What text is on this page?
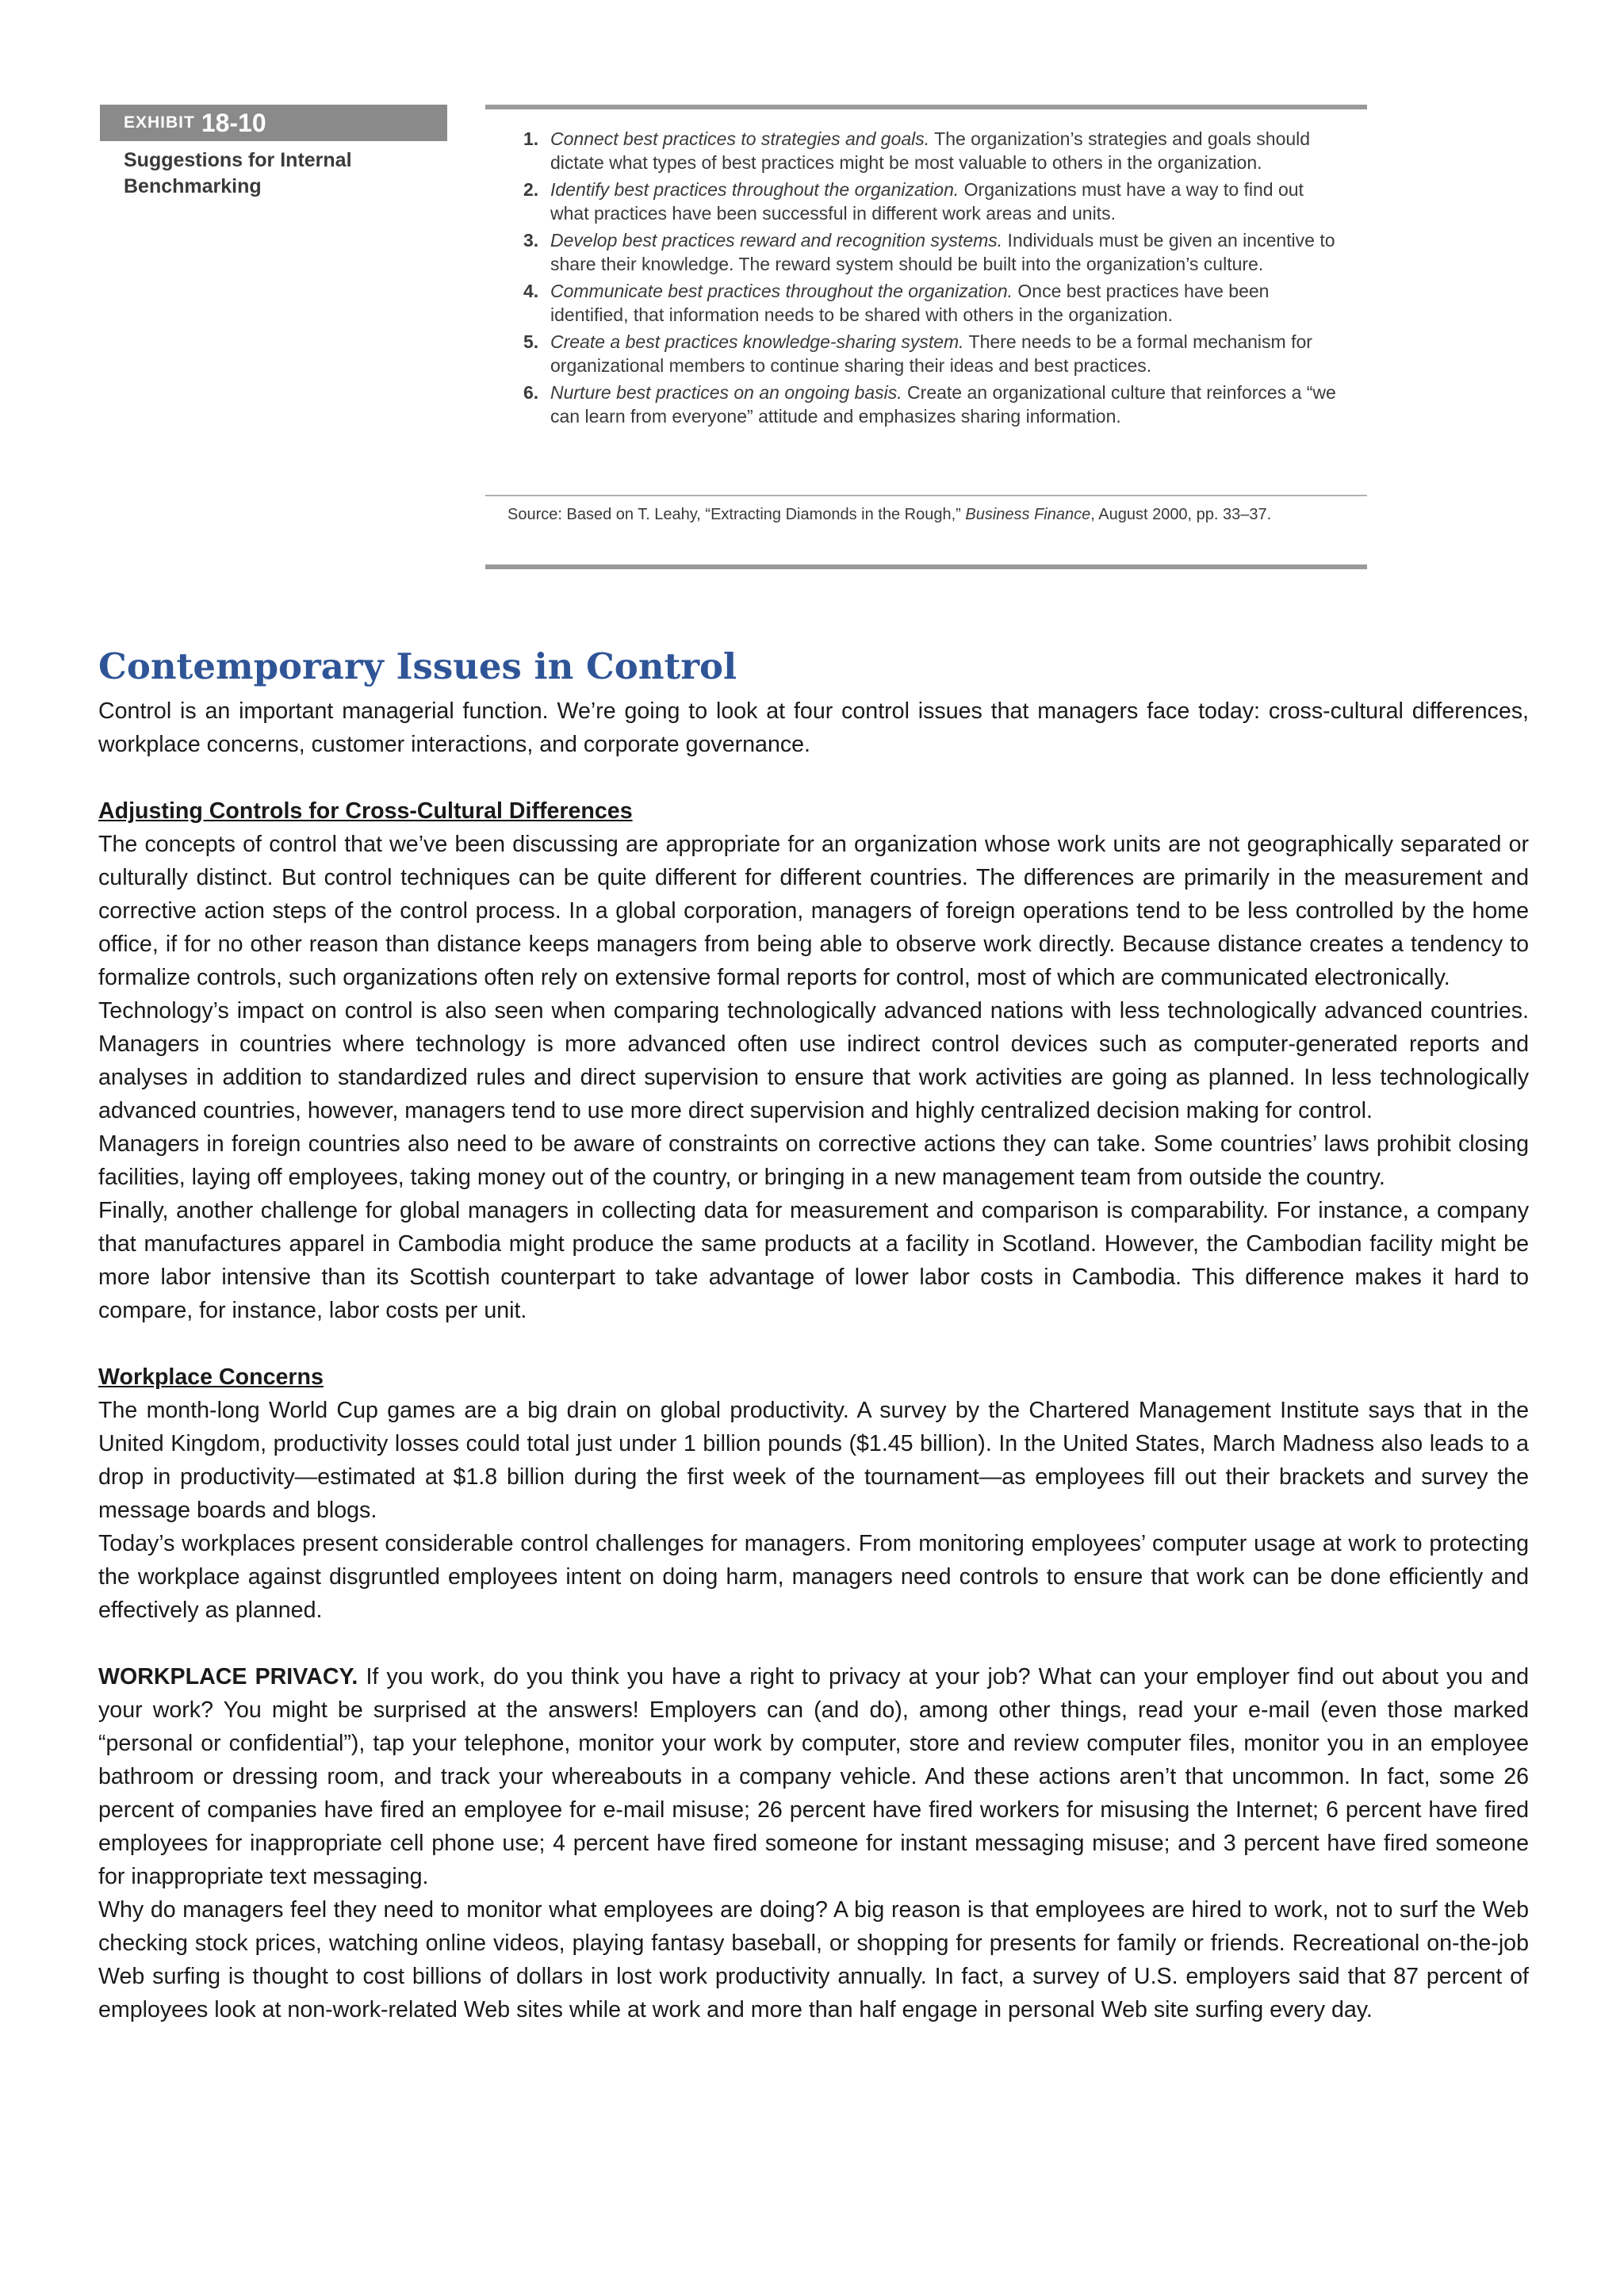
EXHIBIT 18-10
Suggestions for Internal
Benchmarking
1. Connect best practices to strategies and goals. The organization’s strategies and goals should dictate what types of best practices might be most valuable to others in the organization.
2. Identify best practices throughout the organization. Organizations must have a way to find out what practices have been successful in different work areas and units.
3. Develop best practices reward and recognition systems. Individuals must be given an incentive to share their knowledge. The reward system should be built into the organization’s culture.
4. Communicate best practices throughout the organization. Once best practices have been identified, that information needs to be shared with others in the organization.
5. Create a best practices knowledge-sharing system. There needs to be a formal mechanism for organizational members to continue sharing their ideas and best practices.
6. Nurture best practices on an ongoing basis. Create an organizational culture that reinforces a “we can learn from everyone” attitude and emphasizes sharing information.
Source: Based on T. Leahy, “Extracting Diamonds in the Rough,” Business Finance, August 2000, pp. 33–37.
Contemporary Issues in Control

Control is an important managerial function. We’re going to look at four control issues that managers face today: cross-cultural differences, workplace concerns, customer interactions, and corporate governance.

Adjusting Controls for Cross-Cultural Differences

The concepts of control that we’ve been discussing are appropriate for an organization whose work units are not geographically separated or culturally distinct. But control techniques can be quite different for different countries. The differences are primarily in the measurement and corrective action steps of the control process. In a global corporation, managers of foreign operations tend to be less controlled by the home office, if for no other reason than distance keeps managers from being able to observe work directly. Because distance creates a tendency to formalize controls, such organizations often rely on extensive formal reports for control, most of which are communicated electronically.

Technology’s impact on control is also seen when comparing technologically advanced nations with less technologically advanced countries. Managers in countries where technology is more advanced often use indirect control devices such as computer-generated reports and analyses in addition to standardized rules and direct supervision to ensure that work activities are going as planned. In less technologically advanced countries, however, managers tend to use more direct supervision and highly centralized decision making for control.

Managers in foreign countries also need to be aware of constraints on corrective actions they can take. Some countries’ laws prohibit closing facilities, laying off employees, taking money out of the country, or bringing in a new management team from outside the country.

Finally, another challenge for global managers in collecting data for measurement and comparison is comparability. For instance, a company that manufactures apparel in Cambodia might produce the same products at a facility in Scotland. However, the Cambodian facility might be more labor intensive than its Scottish counterpart to take advantage of lower labor costs in Cambodia. This difference makes it hard to compare, for instance, labor costs per unit.

Workplace Concerns

The month-long World Cup games are a big drain on global productivity. A survey by the Chartered Management Institute says that in the United Kingdom, productivity losses could total just under 1 billion pounds ($1.45 billion). In the United States, March Madness also leads to a drop in productivity—estimated at $1.8 billion during the first week of the tournament—as employees fill out their brackets and survey the message boards and blogs.

Today’s workplaces present considerable control challenges for managers. From monitoring employees’ computer usage at work to protecting the workplace against disgruntled employees intent on doing harm, managers need controls to ensure that work can be done efficiently and effectively as planned.

WORKPLACE PRIVACY. If you work, do you think you have a right to privacy at your job? What can your employer find out about you and your work? You might be surprised at the answers! Employers can (and do), among other things, read your e-mail (even those marked “personal or confidential”), tap your telephone, monitor your work by computer, store and review computer files, monitor you in an employee bathroom or dressing room, and track your whereabouts in a company vehicle. And these actions aren’t that uncommon. In fact, some 26 percent of companies have fired an employee for e-mail misuse; 26 percent have fired workers for misusing the Internet; 6 percent have fired employees for inappropriate cell phone use; 4 percent have fired someone for instant messaging misuse; and 3 percent have fired someone for inappropriate text messaging.

Why do managers feel they need to monitor what employees are doing? A big reason is that employees are hired to work, not to surf the Web checking stock prices, watching online videos, playing fantasy baseball, or shopping for presents for family or friends. Recreational on-the-job Web surfing is thought to cost billions of dollars in lost work productivity annually. In fact, a survey of U.S. employers said that 87 percent of employees look at non-work-related Web sites while at work and more than half engage in personal Web site surfing every day.
